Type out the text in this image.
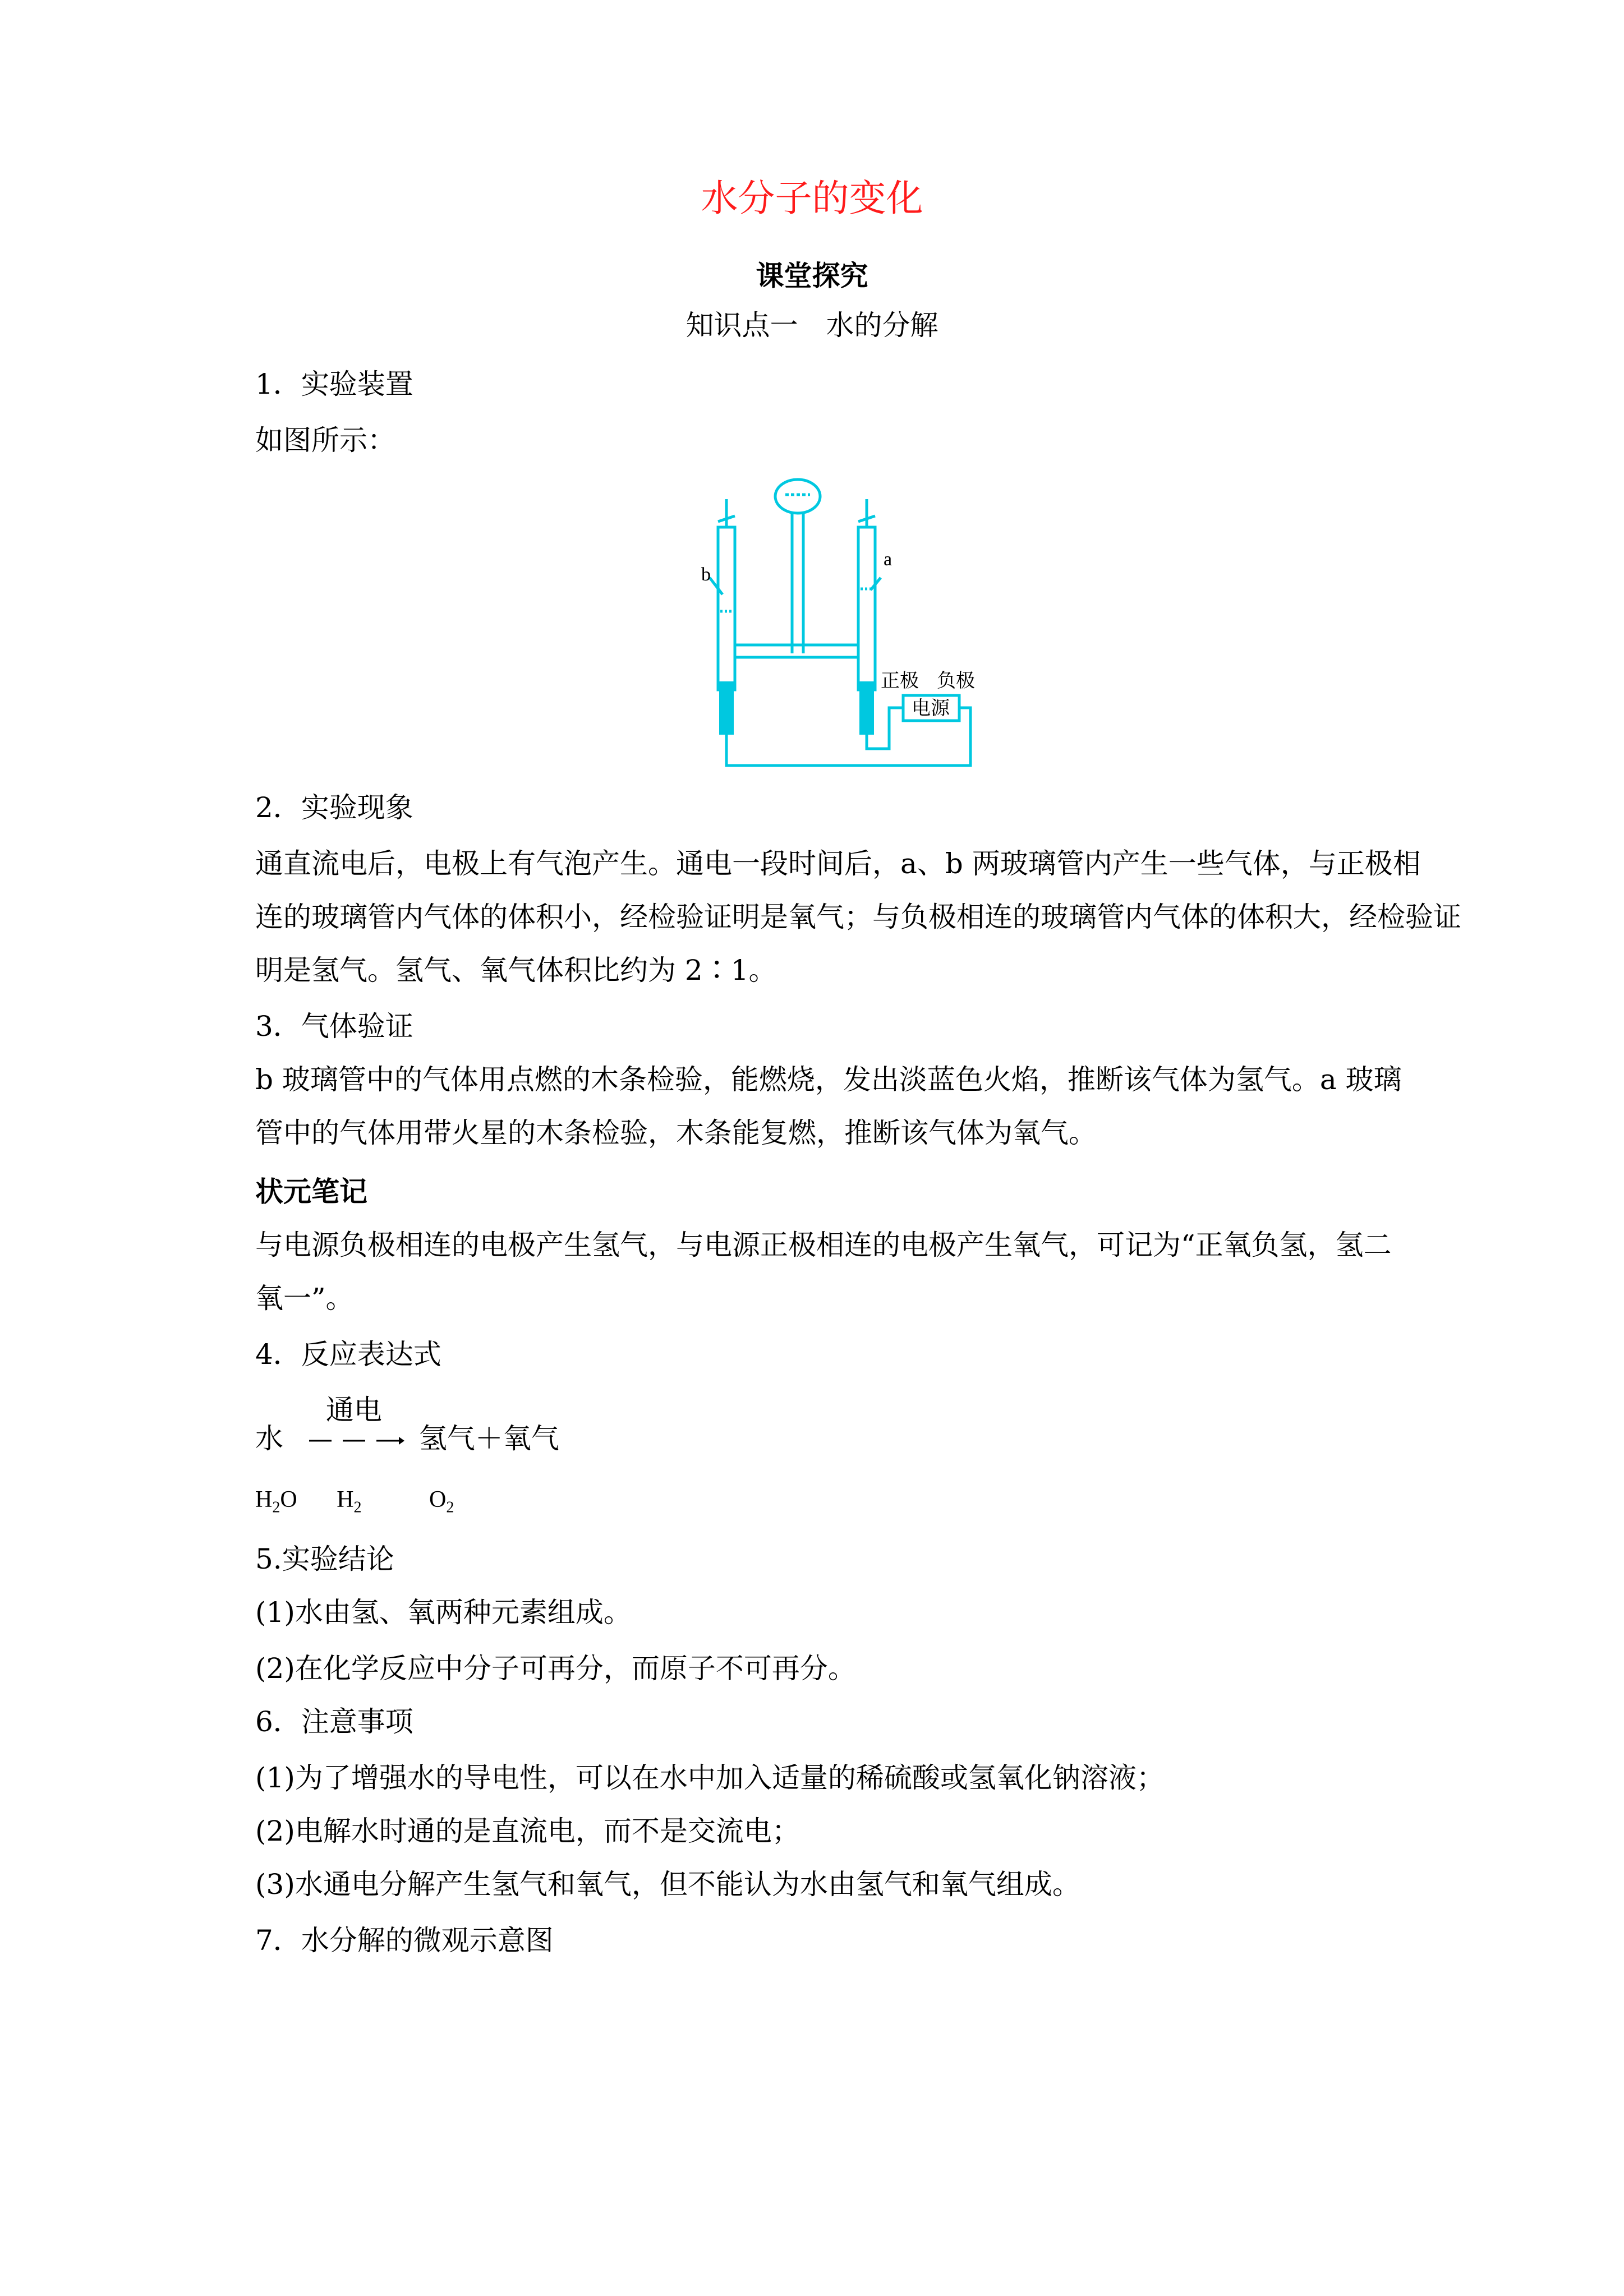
水分子的变化
课堂探究
知识点一　水的分解
1．实验装置
如图所示：
b
a
正极 负极
电源
2．实验现象
通直流电后，电极上有气泡产生。通电一段时间后，a、b 两玻璃管内产生一些气体，与正极相
连的玻璃管内气体的体积小，经检验证明是氧气；与负极相连的玻璃管内气体的体积大，经检验证
明是氢气。氢气、氧气体积比约为 2∶1。
3．气体验证
b 玻璃管中的气体用点燃的木条检验，能燃烧，发出淡蓝色火焰，推断该气体为氢气。a 玻璃
管中的气体用带火星的木条检验，木条能复燃，推断该气体为氧气。
状元笔记
与电源负极相连的电极产生氢气，与电源正极相连的电极产生氧气，可记为“正氧负氢，氢二
氧一”。
4．反应表达式
水
通电
氢气＋氧气
$H_2O$ $H_2$	$O_2$
5.实验结论
(1)水由氢、氧两种元素组成。
(2)在化学反应中分子可再分，而原子不可再分。
6．注意事项
(1)为了增强水的导电性，可以在水中加入适量的稀硫酸或氢氧化钠溶液；
(2)电解水时通的是直流电，而不是交流电；
(3)水通电分解产生氢气和氧气，但不能认为水由氢气和氧气组成。
7．水分解的微观示意图
